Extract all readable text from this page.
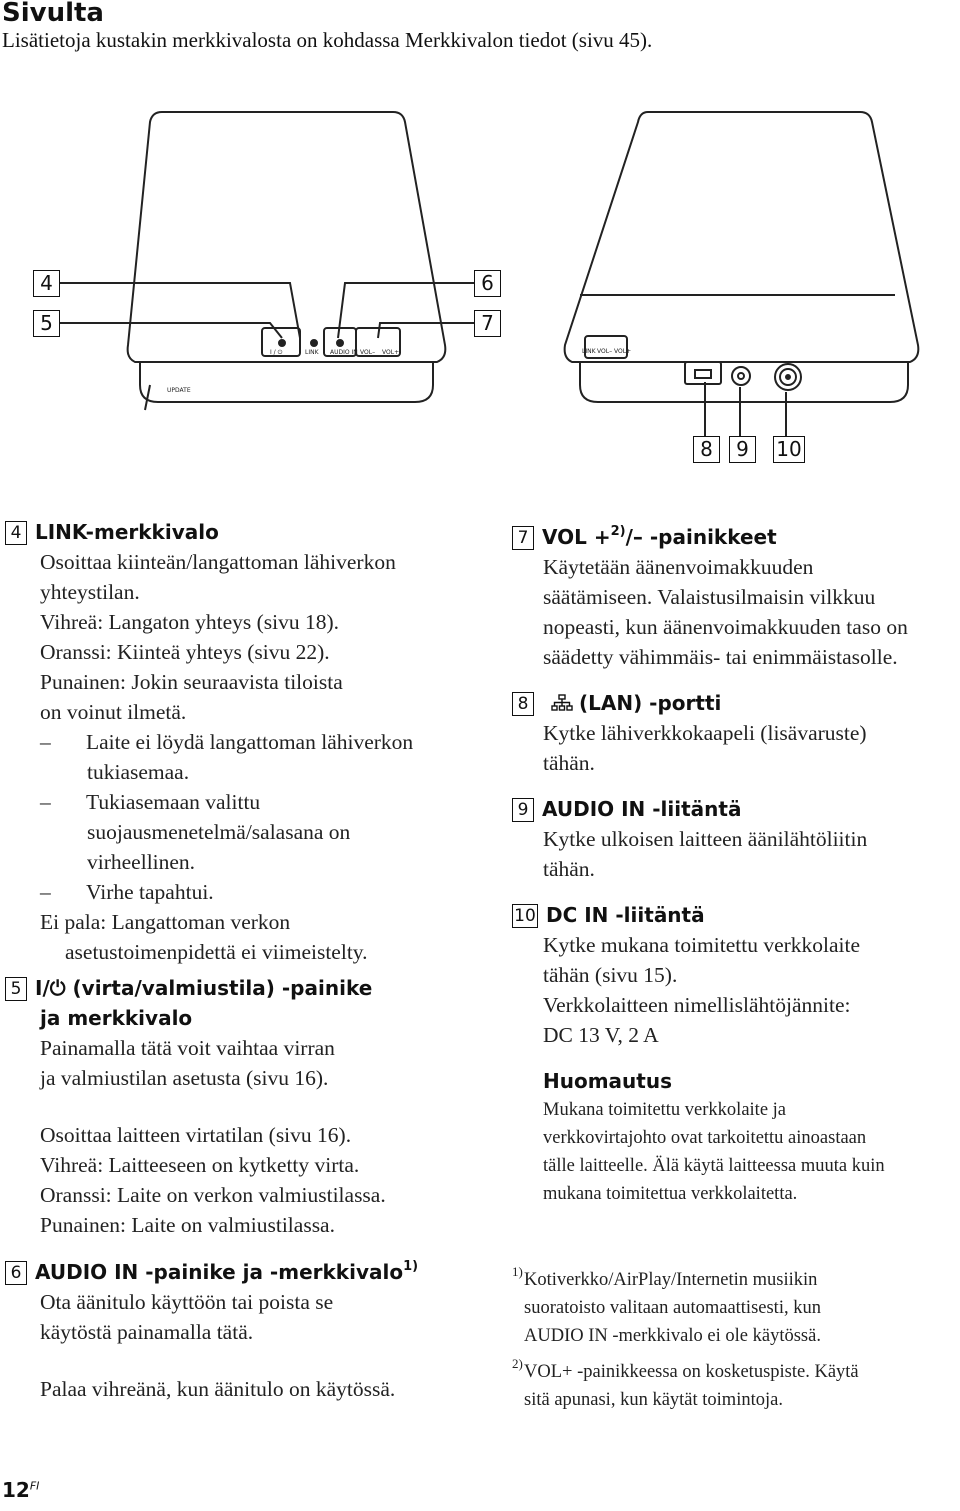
Sivulta
Lisätietoja kustakin merkkivalosta on kohdassa Merkkivalon tiedot (sivu 45).
I / ⏻	LINK AUDIO IN VOL– VOL+
UPDATE
LINK VOL– VOL+
4
5
6
7
8	9	10
4 LINK-merkkivalo
Osoittaa kiinteän/langattoman lähiverkon
yhteystilan.
Vihreä: Langaton yhteys (sivu 18).
Oranssi: Kiinteä yhteys (sivu 22).
Punainen: Jokin seuraavista tiloista
on voinut ilmetä.
– Laite ei löydä langattoman lähiverkon
tukiasemaa.
– Tukiasemaan valittu
suojausmenetelmä/salasana on
virheellinen.
– Virhe tapahtui.
Ei pala: Langattoman verkon
asetustoimenpidettä ei viimeistelty.
5 I/⏻ (virta/valmiustila) -painike
ja merkkivalo
Painamalla tätä voit vaihtaa virran
ja valmiustilan asetusta (sivu 16).
Osoittaa laitteen virtatilan (sivu 16).
Vihreä: Laitteeseen on kytketty virta.
Oranssi: Laite on verkon valmiustilassa.
Punainen: Laite on valmiustilassa.
6 AUDIO IN -painike ja -merkkivalo$^{1)}$
Ota äänitulo käyttöön tai poista se
käytöstä painamalla tätä.
Palaa vihreänä, kun äänitulo on käytössä.
7 VOL +$^{2)}$/– -painikkeet
Käytetään äänenvoimakkuuden
säätämiseen. Valaistusilmaisin vilkkuu
nopeasti, kun äänenvoimakkuuden taso on
säädetty vähimmäis- tai enimmäistasolle.
8	(LAN) -portti
Kytke lähiverkkokaapeli (lisävaruste)
tähän.
9 AUDIO IN -liitäntä
Kytke ulkoisen laitteen äänilähtöliitin
tähän.
10 DC IN -liitäntä
Kytke mukana toimitettu verkkolaite
tähän (sivu 15).
Verkkolaitteen nimellislähtöjännite:
DC 13 V, 2 A
Huomautus
Mukana toimitettu verkkolaite ja
verkkovirtajohto ovat tarkoitettu ainoastaan
tälle laitteelle. Älä käytä laitteessa muuta kuin
mukana toimitettua verkkolaitetta.
1)Kotiverkko/AirPlay/Internetin musiikin
suoratoisto valitaan automaattisesti, kun
AUDIO IN -merkkivalo ei ole käytössä.
2)VOL+ -painikkeessa on kosketuspiste. Käytä
sitä apunasi, kun käytät toimintoja.
$12^{FI}$
